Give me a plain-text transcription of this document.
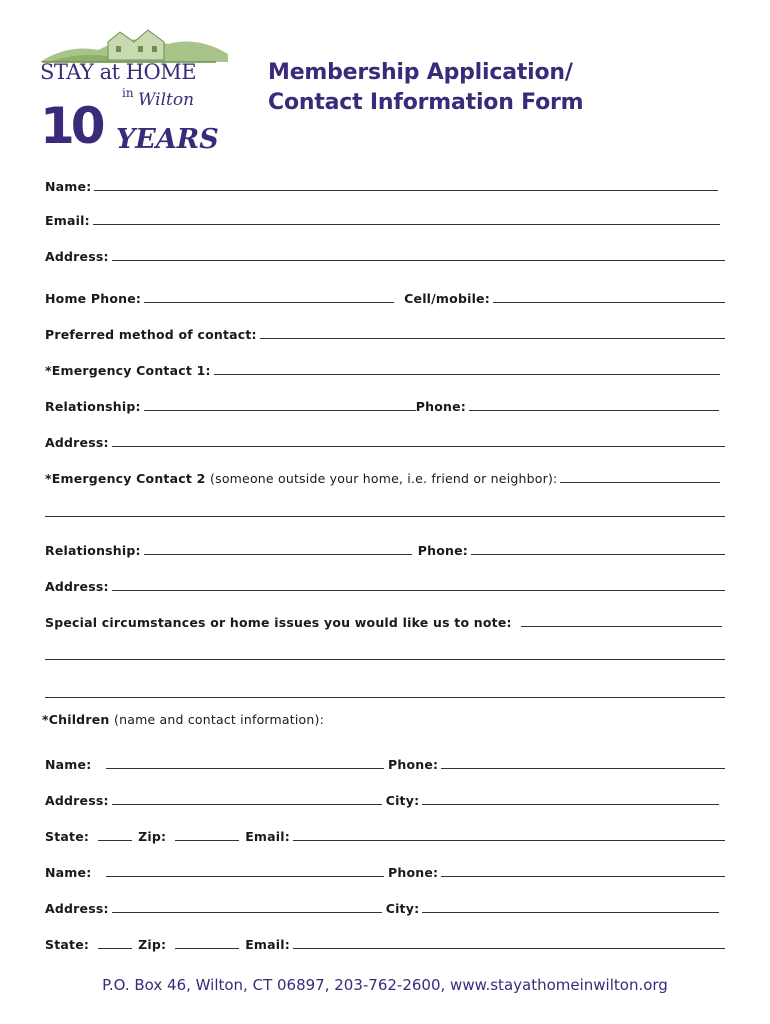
STAY at HOME
in Wilton
10 YEARS
Membership Application/
Contact Information Form
Name:
Email:
Address:
Home Phone:	Cell/mobile:
Preferred method of contact:
*Emergency Contact 1:
Relationship:	Phone:
Address:
*Emergency Contact 2 (someone outside your home, i.e. friend or neighbor):
Relationship:	Phone:
Address:
Special circumstances or home issues you would like us to note:
*Children (name and contact information):
Name:	Phone:
Address:	City:
State:	Zip:	Email:
Name:	Phone:
Address:	City:
State:	Zip:	Email:
P.O. Box 46, Wilton, CT 06897, 203-762-2600, www.stayathomeinwilton.org
